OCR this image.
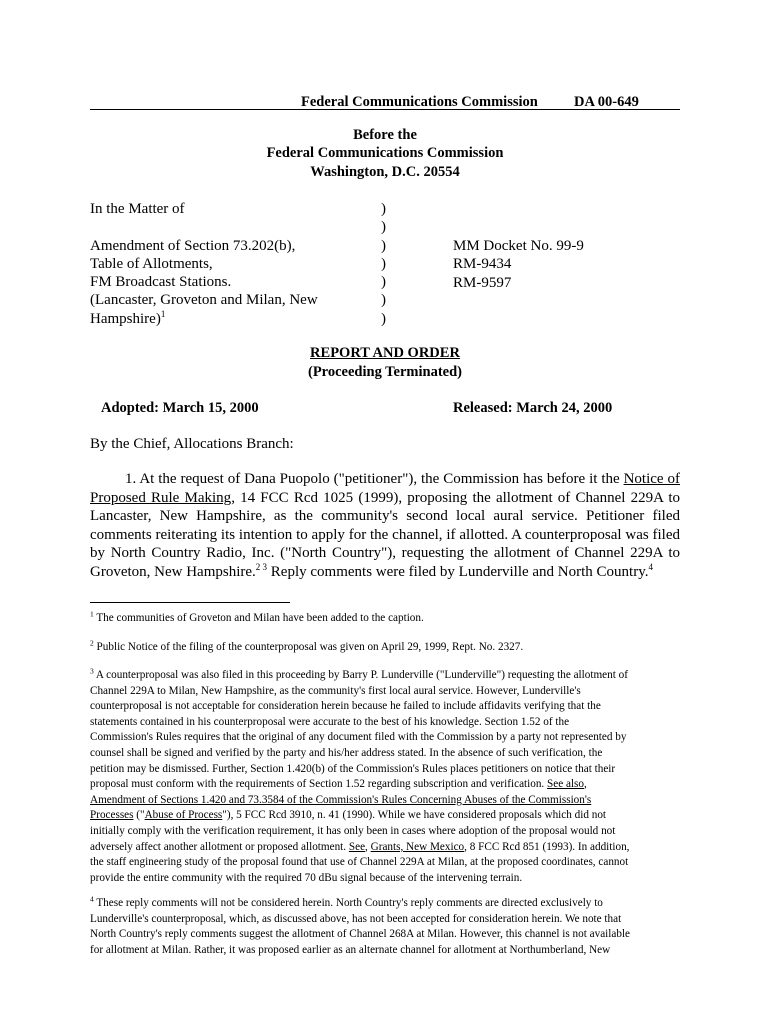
Federal Communications Commission DA 00-649
Before the
Federal Communications Commission
Washington, D.C. 20554
In the Matter of

Amendment of Section 73.202(b),
Table of Allotments,
FM Broadcast Stations.
(Lancaster, Groveton and Milan, New
Hampshire)$^1$
)
)
)
)
)
)
)
MM Docket No. 99-9
RM-9434
RM-9597
REPORT AND ORDER
(Proceeding Terminated)
Adopted: March 15, 2000	Released: March 24, 2000
By the Chief, Allocations Branch:
1. At the request of Dana Puopolo ("petitioner"), the Commission has before it the Notice of
Proposed Rule Making, 14 FCC Rcd 1025 (1999), proposing the allotment of Channel 229A to
Lancaster, New Hampshire, as the community's second local aural service. Petitioner filed
comments reiterating its intention to apply for the channel, if allotted. A counterproposal was filed
by North Country Radio, Inc. ("North Country"), requesting the allotment of Channel 229A to
Groveton, New Hampshire.$^{2 3}$ Reply comments were filed by Lunderville and North Country.$^4$
$^1$ The communities of Groveton and Milan have been added to the caption.
$^2$ Public Notice of the filing of the counterproposal was given on April 29, 1999, Rept. No. 2327.
$^3$ A counterproposal was also filed in this proceeding by Barry P. Lunderville ("Lunderville") requesting the allotment of
Channel 229A to Milan, New Hampshire, as the community's first local aural service. However, Lunderville's
counterproposal is not acceptable for consideration herein because he failed to include affidavits verifying that the
statements contained in his counterproposal were accurate to the best of his knowledge. Section 1.52 of the
Commission's Rules requires that the original of any document filed with the Commission by a party not represented by
counsel shall be signed and verified by the party and his/her address stated. In the absence of such verification, the
petition may be dismissed. Further, Section 1.420(b) of the Commission's Rules places petitioners on notice that their
proposal must conform with the requirements of Section 1.52 regarding subscription and verification. See also,
Amendment of Sections 1.420 and 73.3584 of the Commission's Rules Concerning Abuses of the Commission's
Processes ("Abuse of Process"), 5 FCC Rcd 3910, n. 41 (1990). While we have considered proposals which did not
initially comply with the verification requirement, it has only been in cases where adoption of the proposal would not
adversely affect another allotment or proposed allotment. See, Grants, New Mexico, 8 FCC Rcd 851 (1993). In addition,
the staff engineering study of the proposal found that use of Channel 229A at Milan, at the proposed coordinates, cannot
provide the entire community with the required 70 dBu signal because of the intervening terrain.
$^4$ These reply comments will not be considered herein. North Country's reply comments are directed exclusively to
Lunderville's counterproposal, which, as discussed above, has not been accepted for consideration herein. We note that
North Country's reply comments suggest the allotment of Channel 268A at Milan. However, this channel is not available
for allotment at Milan. Rather, it was proposed earlier as an alternate channel for allotment at Northumberland, New
